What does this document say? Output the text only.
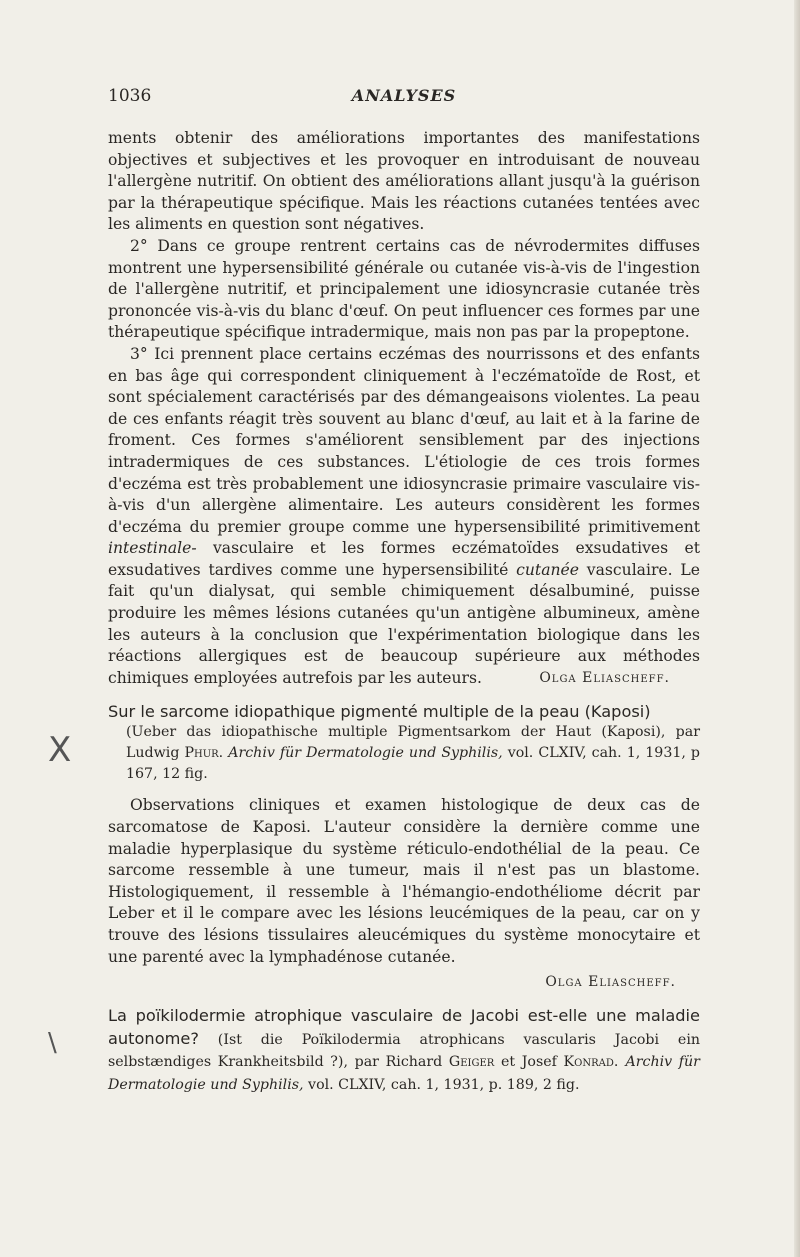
1036	ANALYSES
X
\

ments obtenir des améliorations importantes des manifestations objectives et subjectives et les provoquer en introduisant de nouveau l'allergène nutritif. On obtient des améliorations allant jusqu'à la guérison par la thérapeutique spécifique. Mais les réactions cutanées tentées avec les aliments en question sont négatives.

2° Dans ce groupe rentrent certains cas de névrodermites diffuses montrent une hypersensibilité générale ou cutanée vis-à-vis de l'ingestion de l'allergène nutritif, et principalement une idiosyncrasie cutanée très prononcée vis-à-vis du blanc d'œuf. On peut influencer ces formes par une thérapeutique spécifique intradermique, mais non pas par la propeptone.

3° Ici prennent place certains eczémas des nourrissons et des enfants en bas âge qui correspondent cliniquement à l'eczématoïde de Rost, et sont spécialement caractérisés par des démangeaisons violentes. La peau de ces enfants réagit très souvent au blanc d'œuf, au lait et à la farine de froment. Ces formes s'améliorent sensiblement par des injections intradermiques de ces substances. L'étiologie de ces trois formes d'eczéma est très probablement une idiosyncrasie primaire vasculaire vis-à-vis d'un allergène alimentaire. Les auteurs considèrent les formes d'eczéma du premier groupe comme une hypersensibilité primitivement intestinale- vasculaire et les formes eczématoïdes exsudatives et exsudatives tardives comme une hypersensibilité cutanée vasculaire. Le fait qu'un dialysat, qui semble chimiquement désalbuminé, puisse produire les mêmes lésions cutanées qu'un antigène albumineux, amène les auteurs à la conclusion que l'expérimentation biologique dans les réactions allergiques est de beaucoup supérieure aux méthodes chimiques employées autrefois par les auteurs.	Olga Eliascheff.

Sur le sarcome idiopathique pigmenté multiple de la peau (Kaposi)

(Ueber das idiopathische multiple Pigmentsarkom der Haut (Kaposi), par Ludwig Phur. Archiv für Dermatologie und Syphilis, vol. CLXIV, cah. 1, 1931, p 167, 12 fig.

Observations cliniques et examen histologique de deux cas de sarcomatose de Kaposi. L'auteur considère la dernière comme une maladie hyperplasique du système réticulo-endothélial de la peau. Ce sarcome ressemble à une tumeur, mais il n'est pas un blastome. Histologiquement, il ressemble à l'hémangio-endothéliome décrit par Leber et il le compare avec les lésions leucémiques de la peau, car on y trouve des lésions tissulaires aleucémiques du système monocytaire et une parenté avec la lymphadénose cutanée.

Olga Eliascheff.

La poïkilodermie atrophique vasculaire de Jacobi est-elle une maladie autonome? (Ist die Poïkilodermia atrophicans vascularis Jacobi ein selbstændiges Krankheitsbild ?), par Richard Geiger et Josef Konrad. Archiv für Dermatologie und Syphilis, vol. CLXIV, cah. 1, 1931, p. 189, 2 fig.
